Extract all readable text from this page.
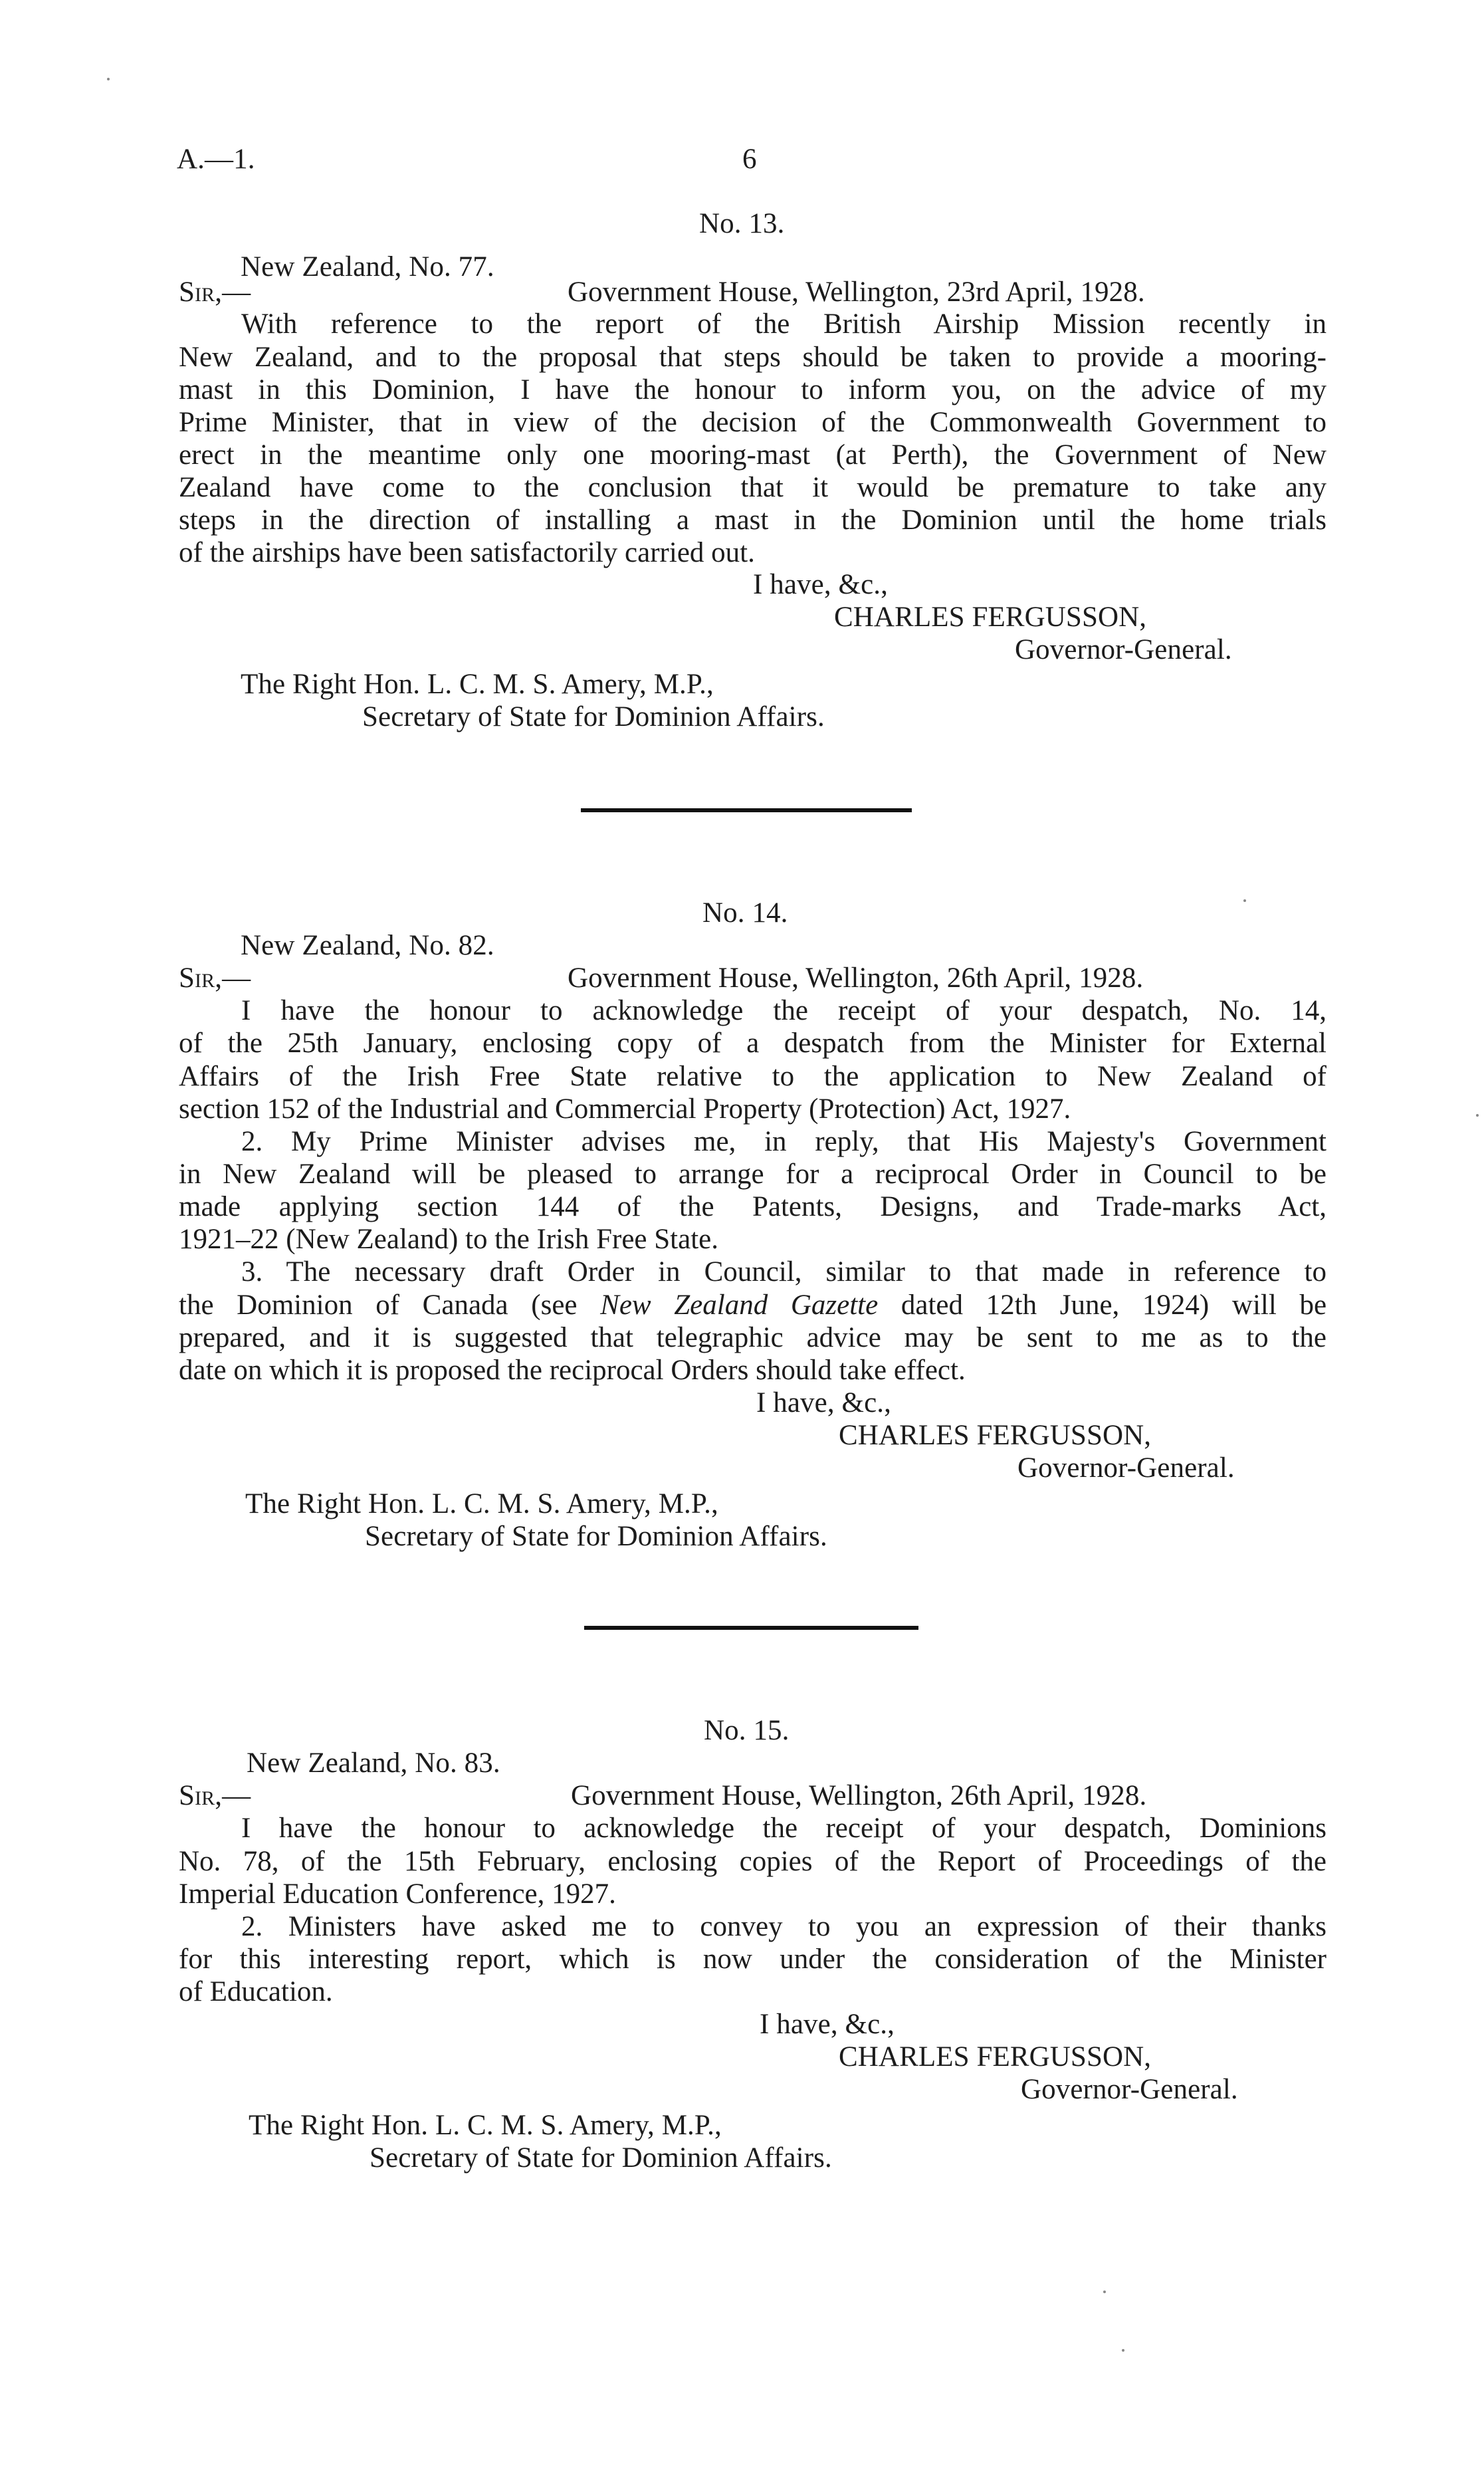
A.—1.	6
No. 13.
New Zealand, No. 77.
Sir,—	Government House, Wellington, 23rd April, 1928.
With reference to the report of the British Airship Mission recently in
New Zealand, and to the proposal that steps should be taken to provide a mooring-
mast in this Dominion, I have the honour to inform you, on the advice of my
Prime Minister, that in view of the decision of the Commonwealth Government to
erect in the meantime only one mooring-mast (at Perth), the Government of New
Zealand have come to the conclusion that it would be premature to take any
steps in the direction of installing a mast in the Dominion until the home trials
of the airships have been satisfactorily carried out.
I have, &c.,
CHARLES FERGUSSON,
Governor-General.
The Right Hon. L. C. M. S. Amery, M.P.,
Secretary of State for Dominion Affairs.
No. 14.
New Zealand, No. 82.
Sir,—	Government House, Wellington, 26th April, 1928.
I have the honour to acknowledge the receipt of your despatch, No. 14,
of the 25th January, enclosing copy of a despatch from the Minister for External
Affairs of the Irish Free State relative to the application to New Zealand of
section 152 of the Industrial and Commercial Property (Protection) Act, 1927.
2. My Prime Minister advises me, in reply, that His Majesty's Government
in New Zealand will be pleased to arrange for a reciprocal Order in Council to be
made applying section 144 of the Patents, Designs, and Trade-marks Act,
1921–22 (New Zealand) to the Irish Free State.
3. The necessary draft Order in Council, similar to that made in reference to
the Dominion of Canada (see New Zealand Gazette dated 12th June, 1924) will be
prepared, and it is suggested that telegraphic advice may be sent to me as to the
date on which it is proposed the reciprocal Orders should take effect.
I have, &c.,
CHARLES FERGUSSON,
Governor-General.
The Right Hon. L. C. M. S. Amery, M.P.,
Secretary of State for Dominion Affairs.
No. 15.
New Zealand, No. 83.
Sir,—	Government House, Wellington, 26th April, 1928.
I have the honour to acknowledge the receipt of your despatch, Dominions
No. 78, of the 15th February, enclosing copies of the Report of Proceedings of the
Imperial Education Conference, 1927.
2. Ministers have asked me to convey to you an expression of their thanks
for this interesting report, which is now under the consideration of the Minister
of Education.
I have, &c.,
CHARLES FERGUSSON,
Governor-General.
The Right Hon. L. C. M. S. Amery, M.P.,
Secretary of State for Dominion Affairs.
